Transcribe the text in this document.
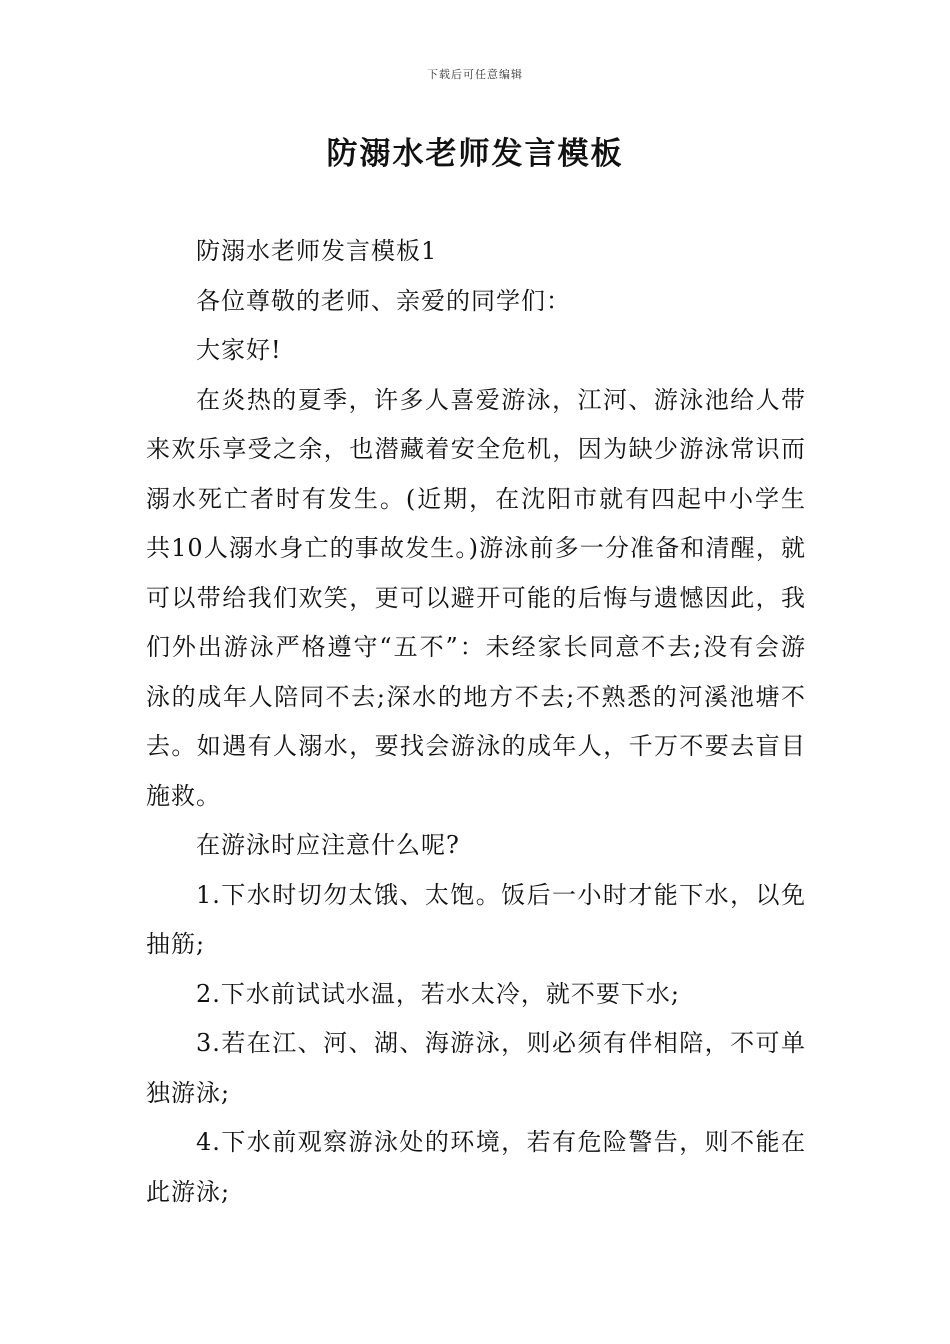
下载后可任意编辑
防溺水老师发言模板

防溺水老师发言模板1

各位尊敬的老师、亲爱的同学们：

大家好!

在炎热的夏季，许多人喜爱游泳，江河、游泳池给人带来欢乐享受之余，也潜藏着安全危机，因为缺少游泳常识而溺水死亡者时有发生。(近期，在沈阳市就有四起中小学生共10人溺水身亡的事故发生。)游泳前多一分准备和清醒，就可以带给我们欢笑，更可以避开可能的后悔与遗憾因此，我们外出游泳严格遵守“五不”：未经家长同意不去;没有会游泳的成年人陪同不去;深水的地方不去;不熟悉的河溪池塘不去。如遇有人溺水，要找会游泳的成年人，千万不要去盲目施救。

在游泳时应注意什么呢?

1.下水时切勿太饿、太饱。饭后一小时才能下水，以免抽筋;

2.下水前试试水温，若水太冷，就不要下水;

3.若在江、河、湖、海游泳，则必须有伴相陪，不可单独游泳;

4.下水前观察游泳处的环境，若有危险警告，则不能在此游泳;
